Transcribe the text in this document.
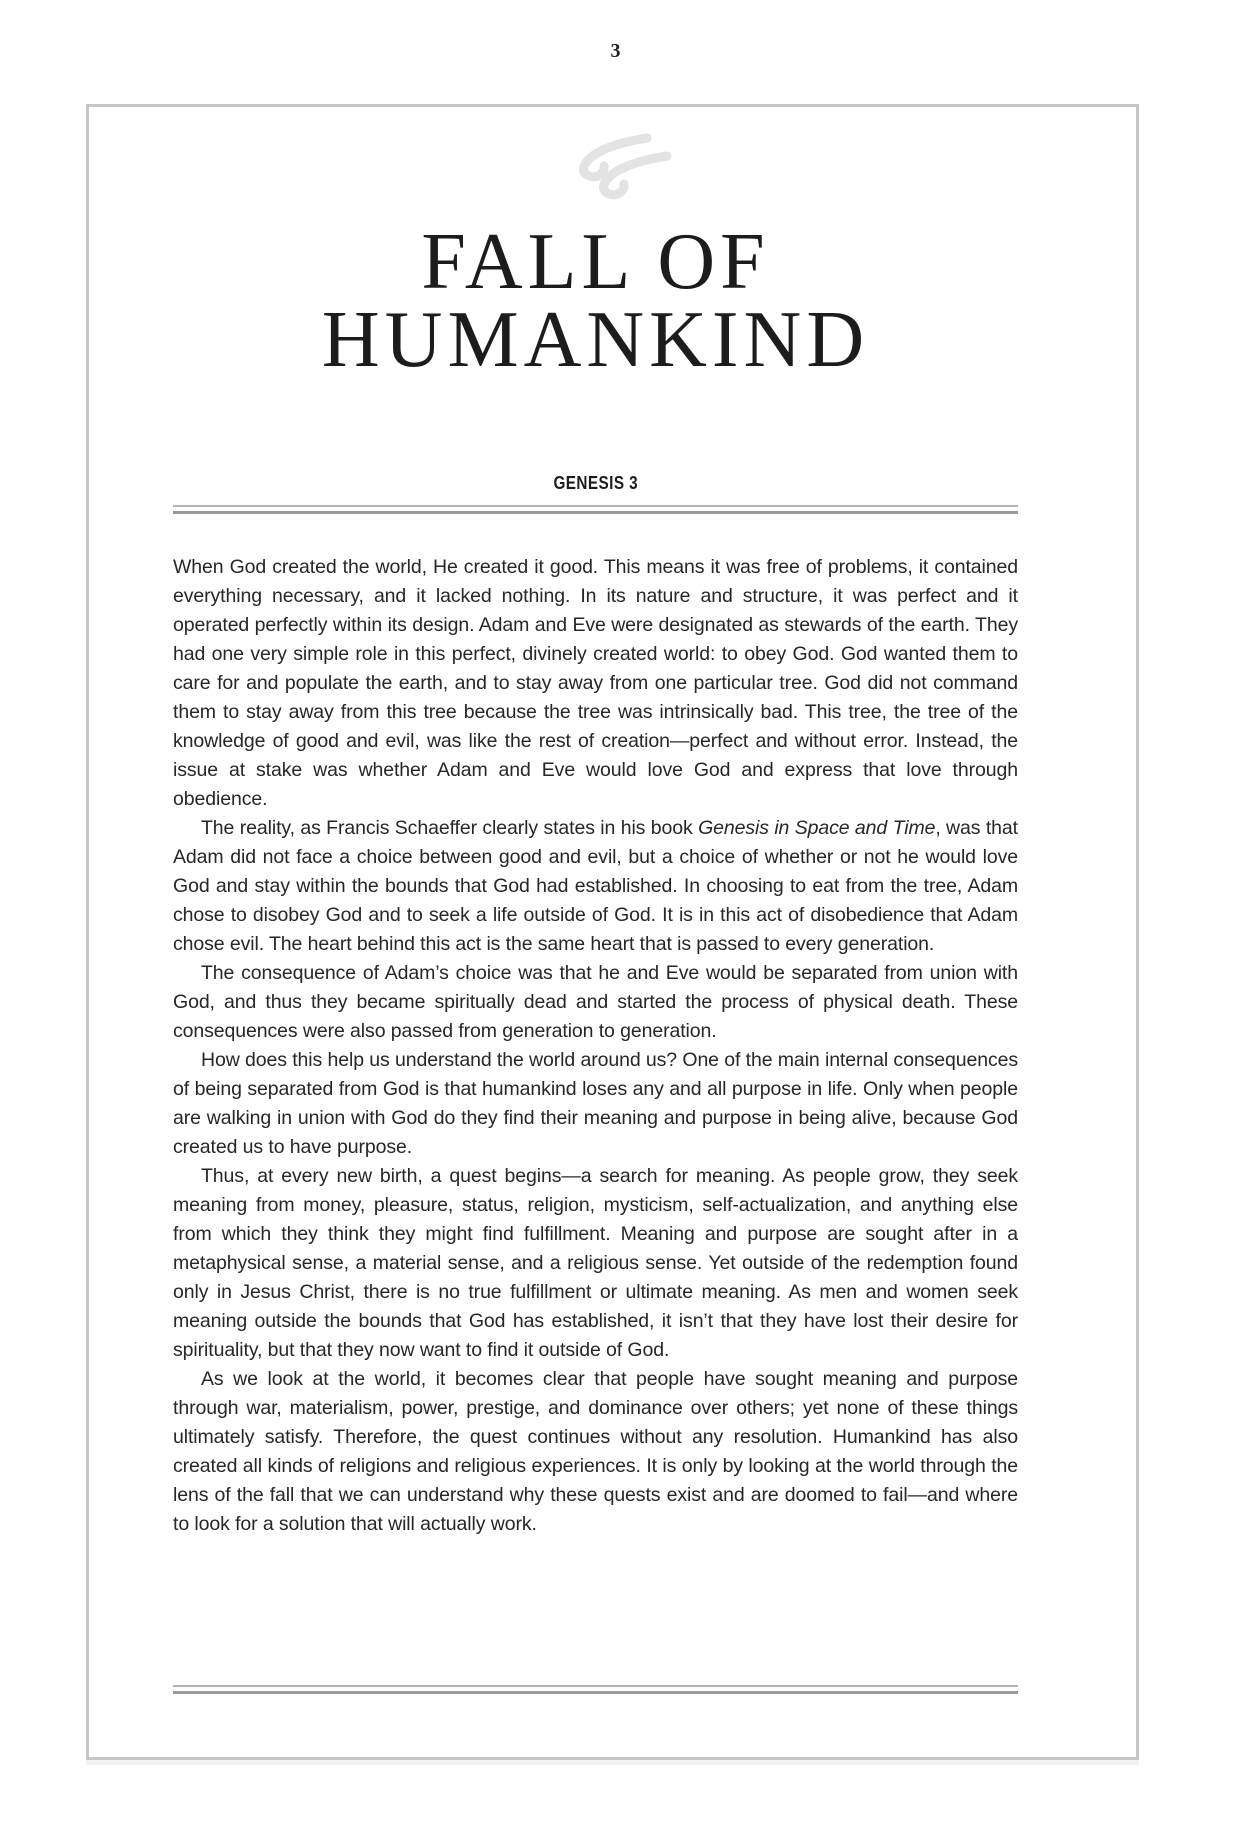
3
FALL OF
HUMANKIND
GENESIS 3

When God created the world, He created it good. This means it was free of problems, it contained everything necessary, and it lacked nothing. In its nature and structure, it was perfect and it operated perfectly within its design. Adam and Eve were designated as stewards of the earth. They had one very simple role in this perfect, divinely created world: to obey God. God wanted them to care for and populate the earth, and to stay away from one particular tree. God did not command them to stay away from this tree because the tree was intrinsically bad. This tree, the tree of the knowledge of good and evil, was like the rest of creation—perfect and without error. Instead, the issue at stake was whether Adam and Eve would love God and express that love through obedience.

The reality, as Francis Schaeffer clearly states in his book Genesis in Space and Time, was that Adam did not face a choice between good and evil, but a choice of whether or not he would love God and stay within the bounds that God had established. In choosing to eat from the tree, Adam chose to disobey God and to seek a life outside of God. It is in this act of disobedience that Adam chose evil. The heart behind this act is the same heart that is passed to every generation.

The consequence of Adam’s choice was that he and Eve would be separated from union with God, and thus they became spiritually dead and started the process of physical death. These consequences were also passed from generation to generation.

How does this help us understand the world around us? One of the main internal consequences of being separated from God is that humankind loses any and all purpose in life. Only when people are walking in union with God do they find their meaning and purpose in being alive, because God created us to have purpose.

Thus, at every new birth, a quest begins—a search for meaning. As people grow, they seek meaning from money, pleasure, status, religion, mysticism, self-actualization, and anything else from which they think they might find fulfillment. Meaning and purpose are sought after in a metaphysical sense, a material sense, and a religious sense. Yet outside of the redemption found only in Jesus Christ, there is no true fulfillment or ultimate meaning. As men and women seek meaning outside the bounds that God has established, it isn’t that they have lost their desire for spirituality, but that they now want to find it outside of God.

As we look at the world, it becomes clear that people have sought meaning and purpose through war, materialism, power, prestige, and dominance over others; yet none of these things ultimately satisfy. Therefore, the quest continues without any resolution. Humankind has also created all kinds of religions and religious experiences. It is only by looking at the world through the lens of the fall that we can understand why these quests exist and are doomed to fail—and where to look for a solution that will actually work.
